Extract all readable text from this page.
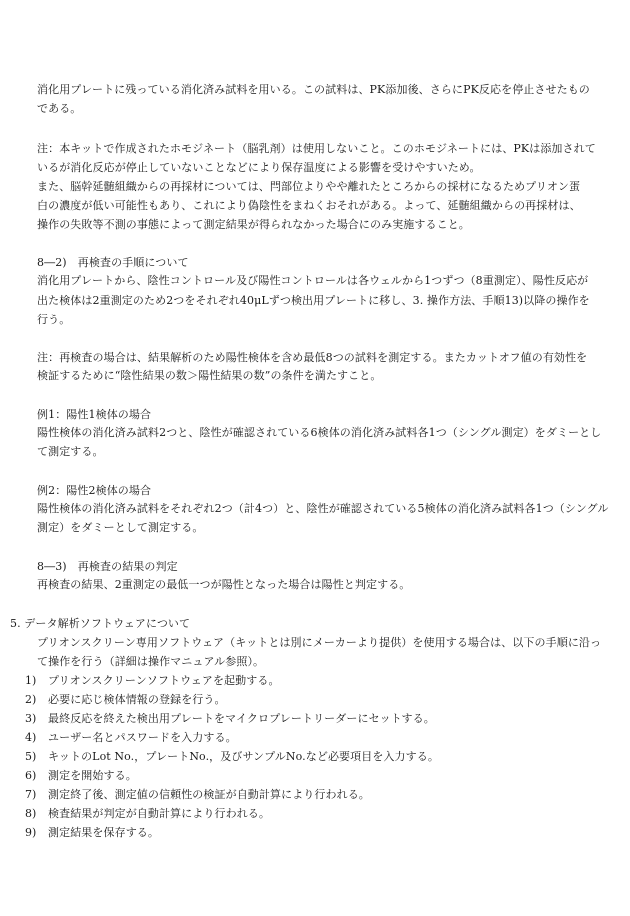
消化用プレートに残っている消化済み試料を用いる。この試料は、PK添加後、さらにPK反応を停止させたもの
である。
注：本キットで作成されたホモジネート（脳乳剤）は使用しないこと。このホモジネートには、PKは添加されて
いるが消化反応が停止していないことなどにより保存温度による影響を受けやすいため。
また、脳幹延髄組織からの再採材については、閂部位よりやや離れたところからの採材になるためプリオン蛋
白の濃度が低い可能性もあり、これにより偽陰性をまねくおそれがある。よって、延髄組織からの再採材は、
操作の失敗等不測の事態によって測定結果が得られなかった場合にのみ実施すること。
8―2)　再検査の手順について
消化用プレートから、陰性コントロール及び陽性コントロールは各ウェルから1つずつ（8重測定）、陽性反応が
出た検体は2重測定のため2つをそれぞれ40μLずつ検出用プレートに移し、3. 操作方法、手順13)以降の操作を
行う。
注：再検査の場合は、結果解析のため陽性検体を含め最低8つの試料を測定する。またカットオフ値の有効性を
検証するために“陰性結果の数＞陽性結果の数”の条件を満たすこと。
例1：陽性1検体の場合
陽性検体の消化済み試料2つと、陰性が確認されている6検体の消化済み試料各1つ（シングル測定）をダミーとし
て測定する。
例2：陽性2検体の場合
陽性検体の消化済み試料をそれぞれ2つ（計4つ）と、陰性が確認されている5検体の消化済み試料各1つ（シングル
測定）をダミーとして測定する。
8―3)　再検査の結果の判定
再検査の結果、2重測定の最低一つが陽性となった場合は陽性と判定する。
5. データ解析ソフトウェアについて
プリオンスクリーン専用ソフトウェア（キットとは別にメーカーより提供）を使用する場合は、以下の手順に沿っ
て操作を行う（詳細は操作マニュアル参照）。
1) プリオンスクリーンソフトウェアを起動する。
2) 必要に応じ検体情報の登録を行う。
3) 最終反応を終えた検出用プレートをマイクロプレートリーダーにセットする。
4) ユーザー名とパスワードを入力する。
5) キットのLot No.，プレートNo.，及びサンプルNo.など必要項目を入力する。
6) 測定を開始する。
7) 測定終了後、測定値の信頼性の検証が自動計算により行われる。
8) 検査結果が判定が自動計算により行われる。
9) 測定結果を保存する。
